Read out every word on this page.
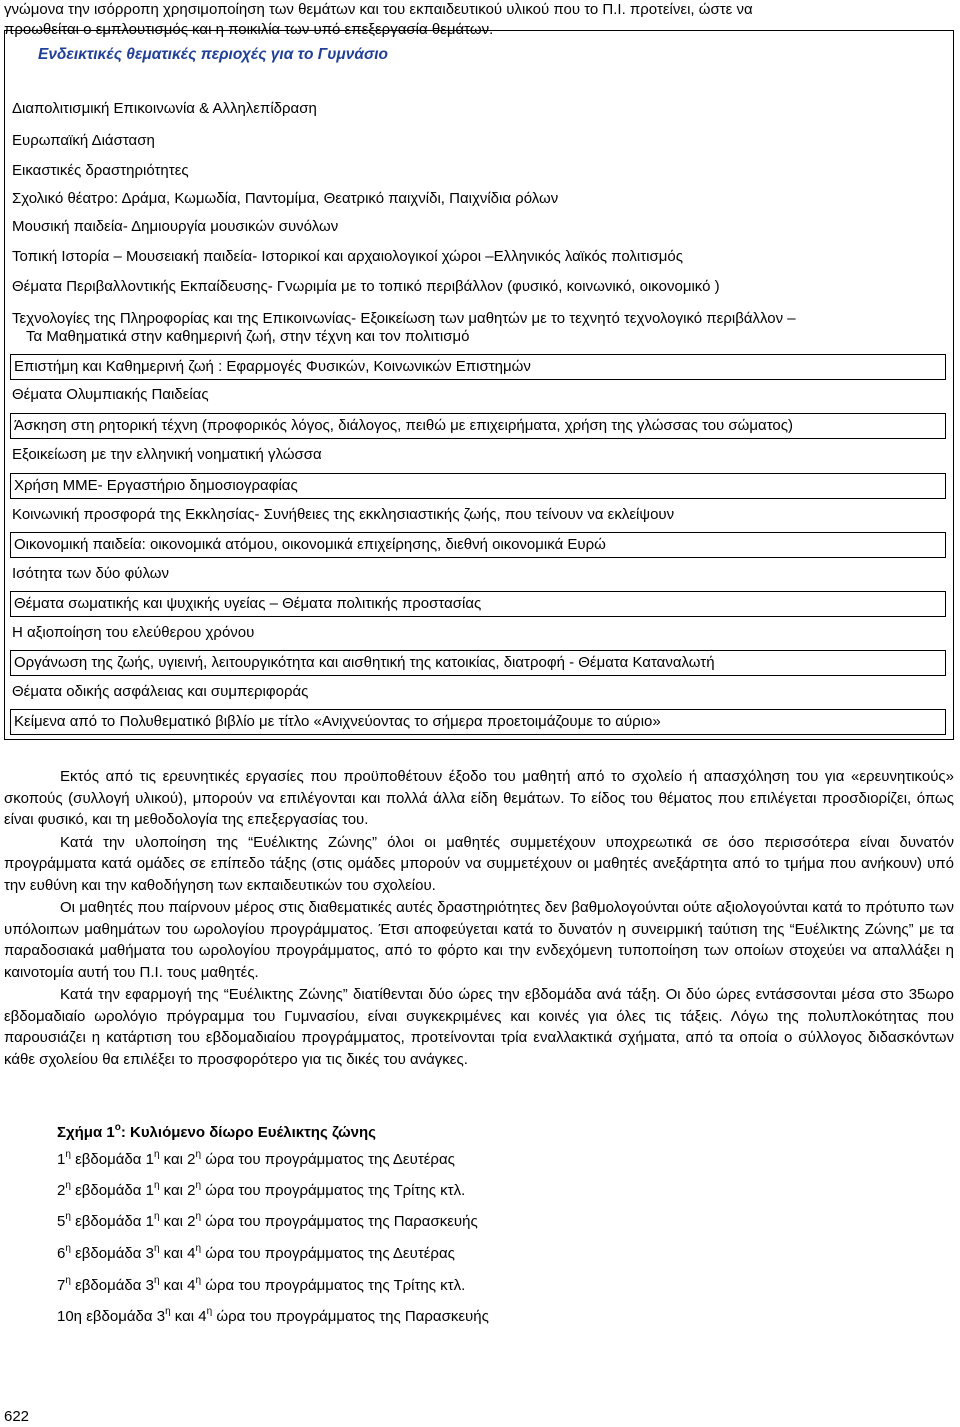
γνώμονα την ισόρροπη χρησιμοποίηση των θεμάτων και του εκπαιδευτικού υλικού που το Π.Ι. προτείνει, ώστε να
προωθείται ο εμπλουτισμός και η ποικιλία των υπό επεξεργασία θεμάτων.
Ενδεικτικές θεματικές περιοχές για το Γυμνάσιο
Διαπολιτισμική Επικοινωνία & Αλληλεπίδραση
Ευρωπαϊκή Διάσταση
Εικαστικές δραστηριότητες
Σχολικό θέατρο: Δράμα, Κωμωδία, Παντομίμα, Θεατρικό παιχνίδι, Παιχνίδια ρόλων
Μουσική παιδεία- Δημιουργία μουσικών συνόλων
Τοπική Ιστορία – Μουσειακή παιδεία- Ιστορικοί και αρχαιολογικοί χώροι –Ελληνικός λαϊκός πολιτισμός
Θέματα Περιβαλλοντικής Εκπαίδευσης- Γνωριμία με το τοπικό περιβάλλον (φυσικό, κοινωνικό, οικονομικό )
Τεχνολογίες της Πληροφορίας και της Επικοινωνίας- Εξοικείωση των μαθητών με το τεχνητό τεχνολογικό περιβάλλον –
Τα Μαθηματικά στην καθημερινή ζωή, στην τέχνη και τον πολιτισμό
Επιστήμη και Καθημερινή ζωή : Εφαρμογές Φυσικών, Κοινωνικών Επιστημών
Θέματα Ολυμπιακής Παιδείας
Άσκηση στη ρητορική τέχνη (προφορικός λόγος, διάλογος, πειθώ με επιχειρήματα, χρήση της γλώσσας του σώματος)
Εξοικείωση με την ελληνική νοηματική γλώσσα
Χρήση ΜΜΕ- Εργαστήριο δημοσιογραφίας
Κοινωνική προσφορά της Εκκλησίας- Συνήθειες της εκκλησιαστικής ζωής, που τείνουν να εκλείψουν
Οικονομική παιδεία: οικονομικά ατόμου, οικονομικά επιχείρησης, διεθνή οικονομικά Ευρώ
Ισότητα των δύο φύλων
Θέματα σωματικής και ψυχικής υγείας – Θέματα πολιτικής προστασίας
Η αξιοποίηση του ελεύθερου χρόνου
Οργάνωση της ζωής, υγιεινή, λειτουργικότητα και αισθητική της κατοικίας, διατροφή - Θέματα Καταναλωτή
Θέματα οδικής ασφάλειας και συμπεριφοράς
Κείμενα από το Πολυθεματικό βιβλίο με τίτλο «Ανιχνεύοντας το σήμερα προετοιμάζουμε το αύριο»

Εκτός από τις ερευνητικές εργασίες που προϋποθέτουν έξοδο του μαθητή από το σχολείο ή απασχόληση του για «ερευνητικούς» σκοπούς (συλλογή υλικού), μπορούν να επιλέγονται και πολλά άλλα είδη θεμάτων. Το είδος του θέματος που επιλέγεται προσδιορίζει, όπως είναι φυσικό, και τη μεθοδολογία της επεξεργασίας του.

Κατά την υλοποίηση της “Ευέλικτης Ζώνης” όλοι οι μαθητές συμμετέχουν υποχρεωτικά σε όσο περισσότερα είναι δυνατόν προγράμματα κατά ομάδες σε επίπεδο τάξης (στις ομάδες μπορούν να συμμετέχουν οι μαθητές ανεξάρτητα από το τμήμα που ανήκουν) υπό την ευθύνη και την καθοδήγηση των εκπαιδευτικών του σχολείου.

Οι μαθητές που παίρνουν μέρος στις διαθεματικές αυτές δραστηριότητες δεν βαθμολογούνται ούτε αξιολογούνται κατά το πρότυπο των υπόλοιπων μαθημάτων του ωρολογίου προγράμματος. Έτσι αποφεύγεται κατά το δυνατόν η συνειρμική ταύτιση της “Ευέλικτης Ζώνης” με τα παραδοσιακά μαθήματα του ωρολογίου προγράμματος, από το φόρτο και την ενδεχόμενη τυποποίηση των οποίων στοχεύει να απαλλάξει η καινοτομία αυτή του Π.Ι. τους μαθητές.

Κατά την εφαρμογή της “Ευέλικτης Ζώνης” διατίθενται δύο ώρες την εβδομάδα ανά τάξη. Οι δύο ώρες εντάσσονται μέσα στο 35ωρο εβδομαδιαίο ωρολόγιο πρόγραμμα του Γυμνασίου, είναι συγκεκριμένες και κοινές για όλες τις τάξεις. Λόγω της πολυπλοκότητας που παρουσιάζει η κατάρτιση του εβδομαδιαίου προγράμματος, προτείνονται τρία εναλλακτικά σχήματα, από τα οποία ο σύλλογος διδασκόντων κάθε σχολείου θα επιλέξει το προσφορότερο για τις δικές του ανάγκες.

Σχήμα $1^o$: Κυλιόμενο δίωρο Ευέλικτης ζώνης
$1^\eta$ εβδομάδα $1^\eta$ και $2^\eta$ ώρα του προγράμματος της Δευτέρας
$2^\eta$ εβδομάδα $1^\eta$ και $2^\eta$ ώρα του προγράμματος της Τρίτης κτλ.
$5^\eta$ εβδομάδα $1^\eta$ και $2^\eta$ ώρα του προγράμματος της Παρασκευής
$6^\eta$ εβδομάδα $3^\eta$ και $4^\eta$ ώρα του προγράμματος της Δευτέρας
$7^\eta$ εβδομάδα $3^\eta$ και $4^\eta$ ώρα του προγράμματος της Τρίτης κτλ.
10η εβδομάδα $3^\eta$ και $4^\eta$ ώρα του προγράμματος της Παρασκευής
622
